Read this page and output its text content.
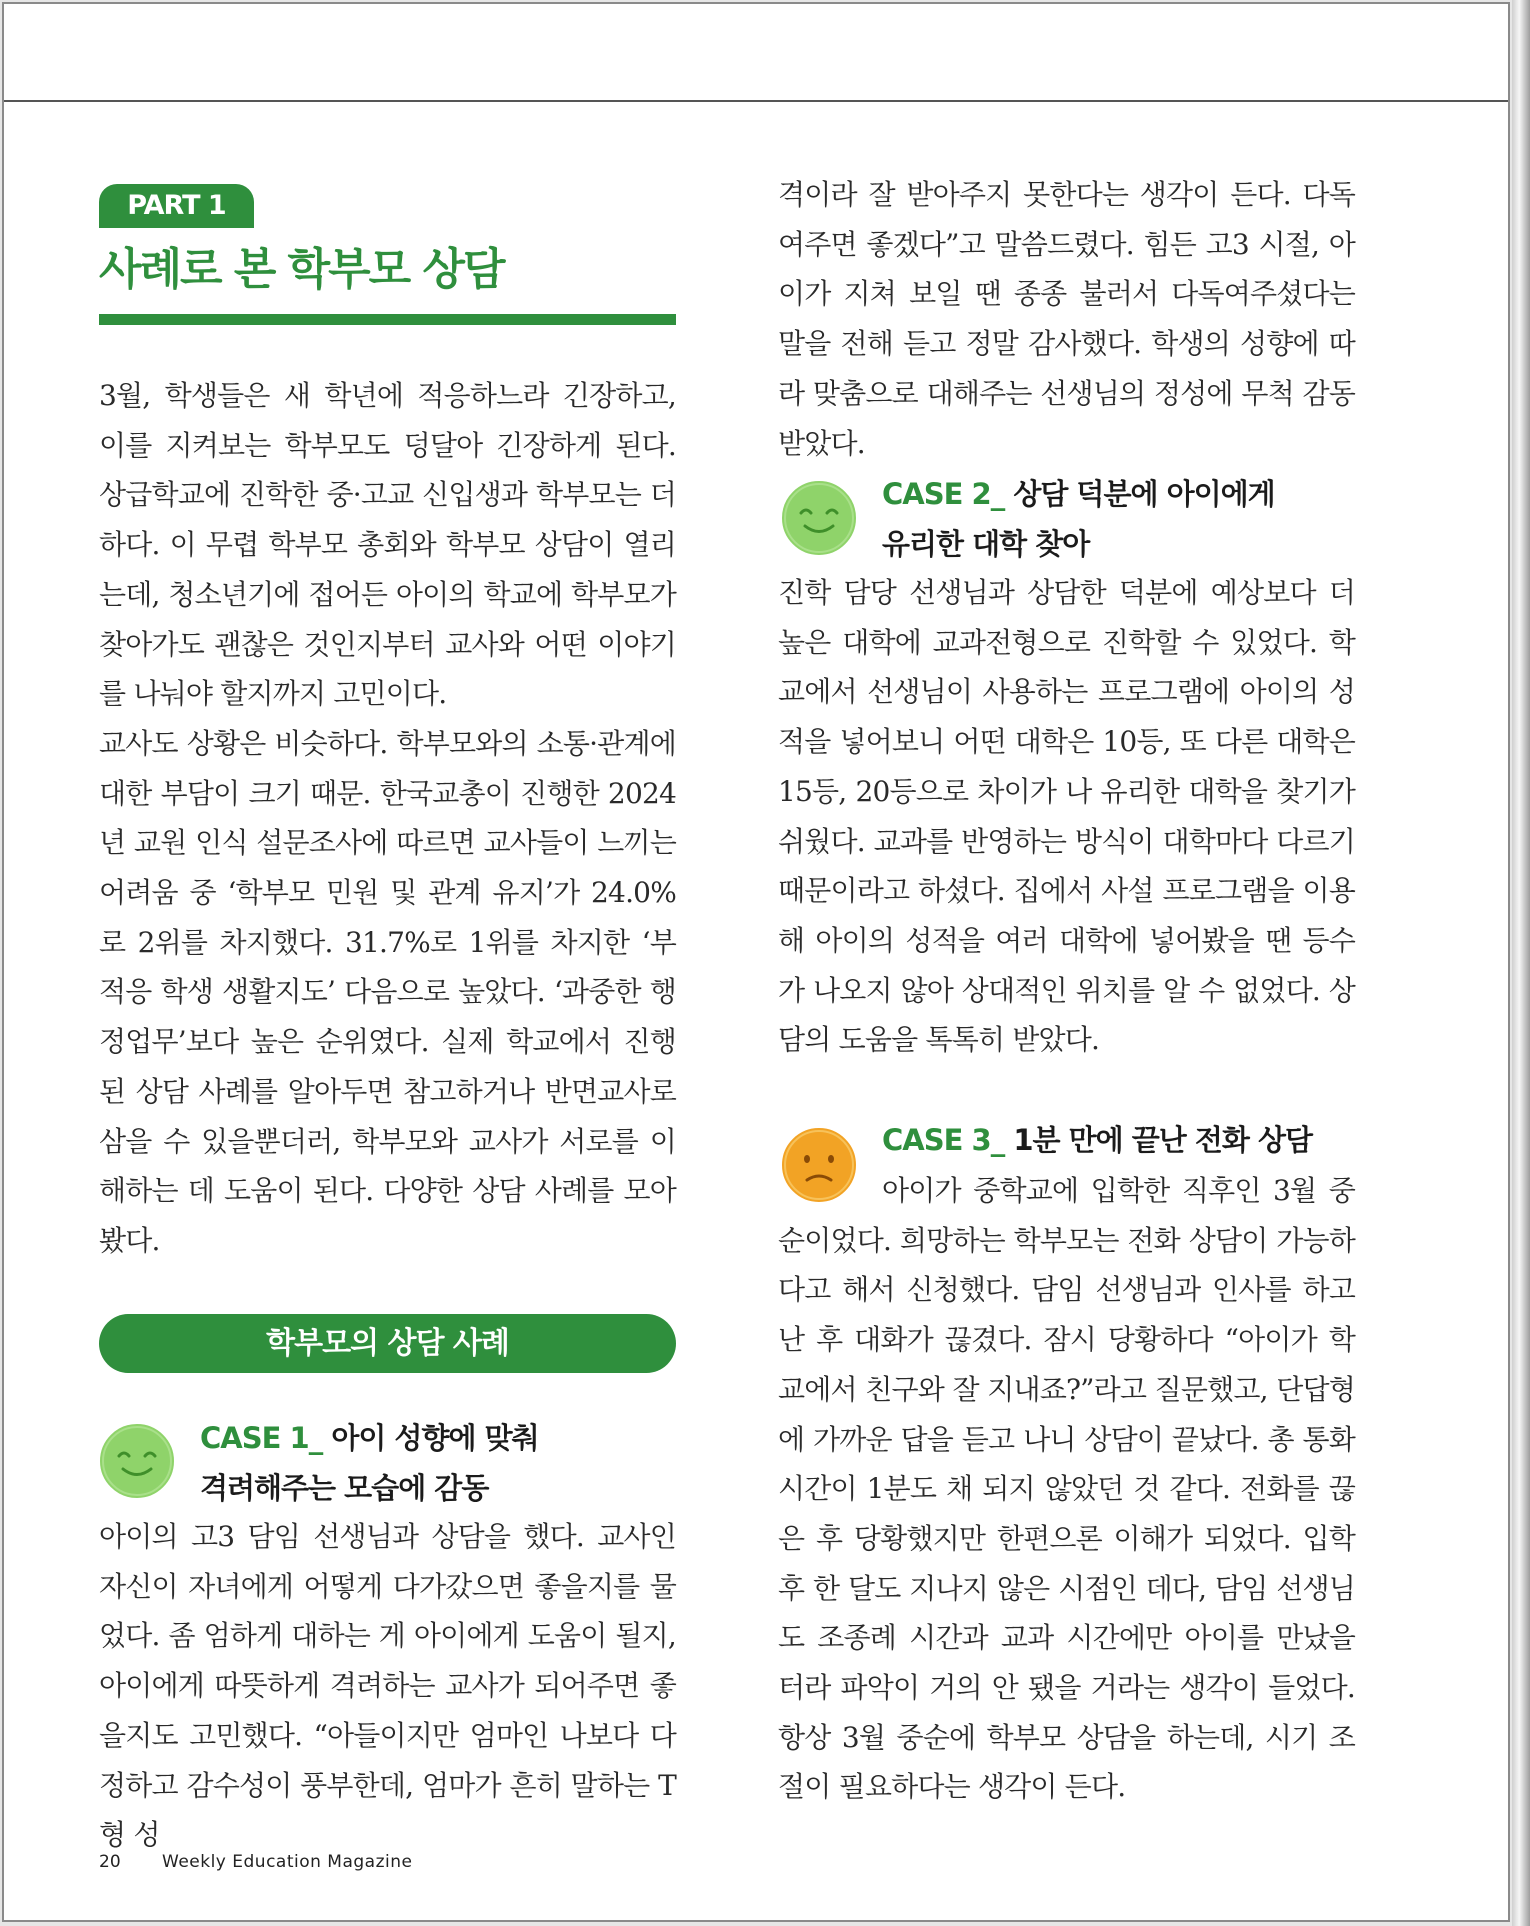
PART 1
사례로 본 학부모 상담

3월, 학생들은 새 학년에 적응하느라 긴장하고, 이를 지켜보는 학부모도 덩달아 긴장하게 된다. 상급학교에 진학한 중·고교 신입생과 학부모는 더하다. 이 무렵 학부모 총회와 학부모 상담이 열리는데, 청소년기에 접어든 아이의 학교에 학부모가 찾아가도 괜찮은 것인지부터 교사와 어떤 이야기를 나눠야 할지까지 고민이다.

교사도 상황은 비슷하다. 학부모와의 소통·관계에 대한 부담이 크기 때문. 한국교총이 진행한 2024년 교원 인식 설문조사에 따르면 교사들이 느끼는 어려움 중 ‘학부모 민원 및 관계 유지’가 24.0%로 2위를 차지했다. 31.7%로 1위를 차지한 ‘부적응 학생 생활지도’ 다음으로 높았다. ‘과중한 행정업무’보다 높은 순위였다. 실제 학교에서 진행된 상담 사례를 알아두면 참고하거나 반면교사로 삼을 수 있을뿐더러, 학부모와 교사가 서로를 이해하는 데 도움이 된다. 다양한 상담 사례를 모아봤다.

학부모의 상담 사례
CASE 1_ 아이 성향에 맞춰
격려해주는 모습에 감동

아이의 고3 담임 선생님과 상담을 했다. 교사인 자신이 자녀에게 어떻게 다가갔으면 좋을지를 물었다. 좀 엄하게 대하는 게 아이에게 도움이 될지, 아이에게 따뜻하게 격려하는 교사가 되어주면 좋을지도 고민했다. “아들이지만 엄마인 나보다 다정하고 감수성이 풍부한데, 엄마가 흔히 말하는 T형 성

격이라 잘 받아주지 못한다는 생각이 든다. 다독여주면 좋겠다”고 말씀드렸다. 힘든 고3 시절, 아이가 지쳐 보일 땐 종종 불러서 다독여주셨다는 말을 전해 듣고 정말 감사했다. 학생의 성향에 따라 맞춤으로 대해주는 선생님의 정성에 무척 감동받았다.

CASE 2_ 상담 덕분에 아이에게
유리한 대학 찾아

진학 담당 선생님과 상담한 덕분에 예상보다 더 높은 대학에 교과전형으로 진학할 수 있었다. 학교에서 선생님이 사용하는 프로그램에 아이의 성적을 넣어보니 어떤 대학은 10등, 또 다른 대학은 15등, 20등으로 차이가 나 유리한 대학을 찾기가 쉬웠다. 교과를 반영하는 방식이 대학마다 다르기 때문이라고 하셨다. 집에서 사설 프로그램을 이용해 아이의 성적을 여러 대학에 넣어봤을 땐 등수가 나오지 않아 상대적인 위치를 알 수 없었다. 상담의 도움을 톡톡히 받았다.

CASE 3_ 1분 만에 끝난 전화 상담

아이가 중학교에 입학한 직후인 3월 중순이었다. 희망하는 학부모는 전화 상담이 가능하다고 해서 신청했다. 담임 선생님과 인사를 하고 난 후 대화가 끊겼다. 잠시 당황하다 “아이가 학교에서 친구와 잘 지내죠?”라고 질문했고, 단답형에 가까운 답을 듣고 나니 상담이 끝났다. 총 통화 시간이 1분도 채 되지 않았던 것 같다. 전화를 끊은 후 당황했지만 한편으론 이해가 되었다. 입학 후 한 달도 지나지 않은 시점인 데다, 담임 선생님도 조종례 시간과 교과 시간에만 아이를 만났을 터라 파악이 거의 안 됐을 거라는 생각이 들었다. 항상 3월 중순에 학부모 상담을 하는데, 시기 조절이 필요하다는 생각이 든다.

20 Weekly Education Magazine
